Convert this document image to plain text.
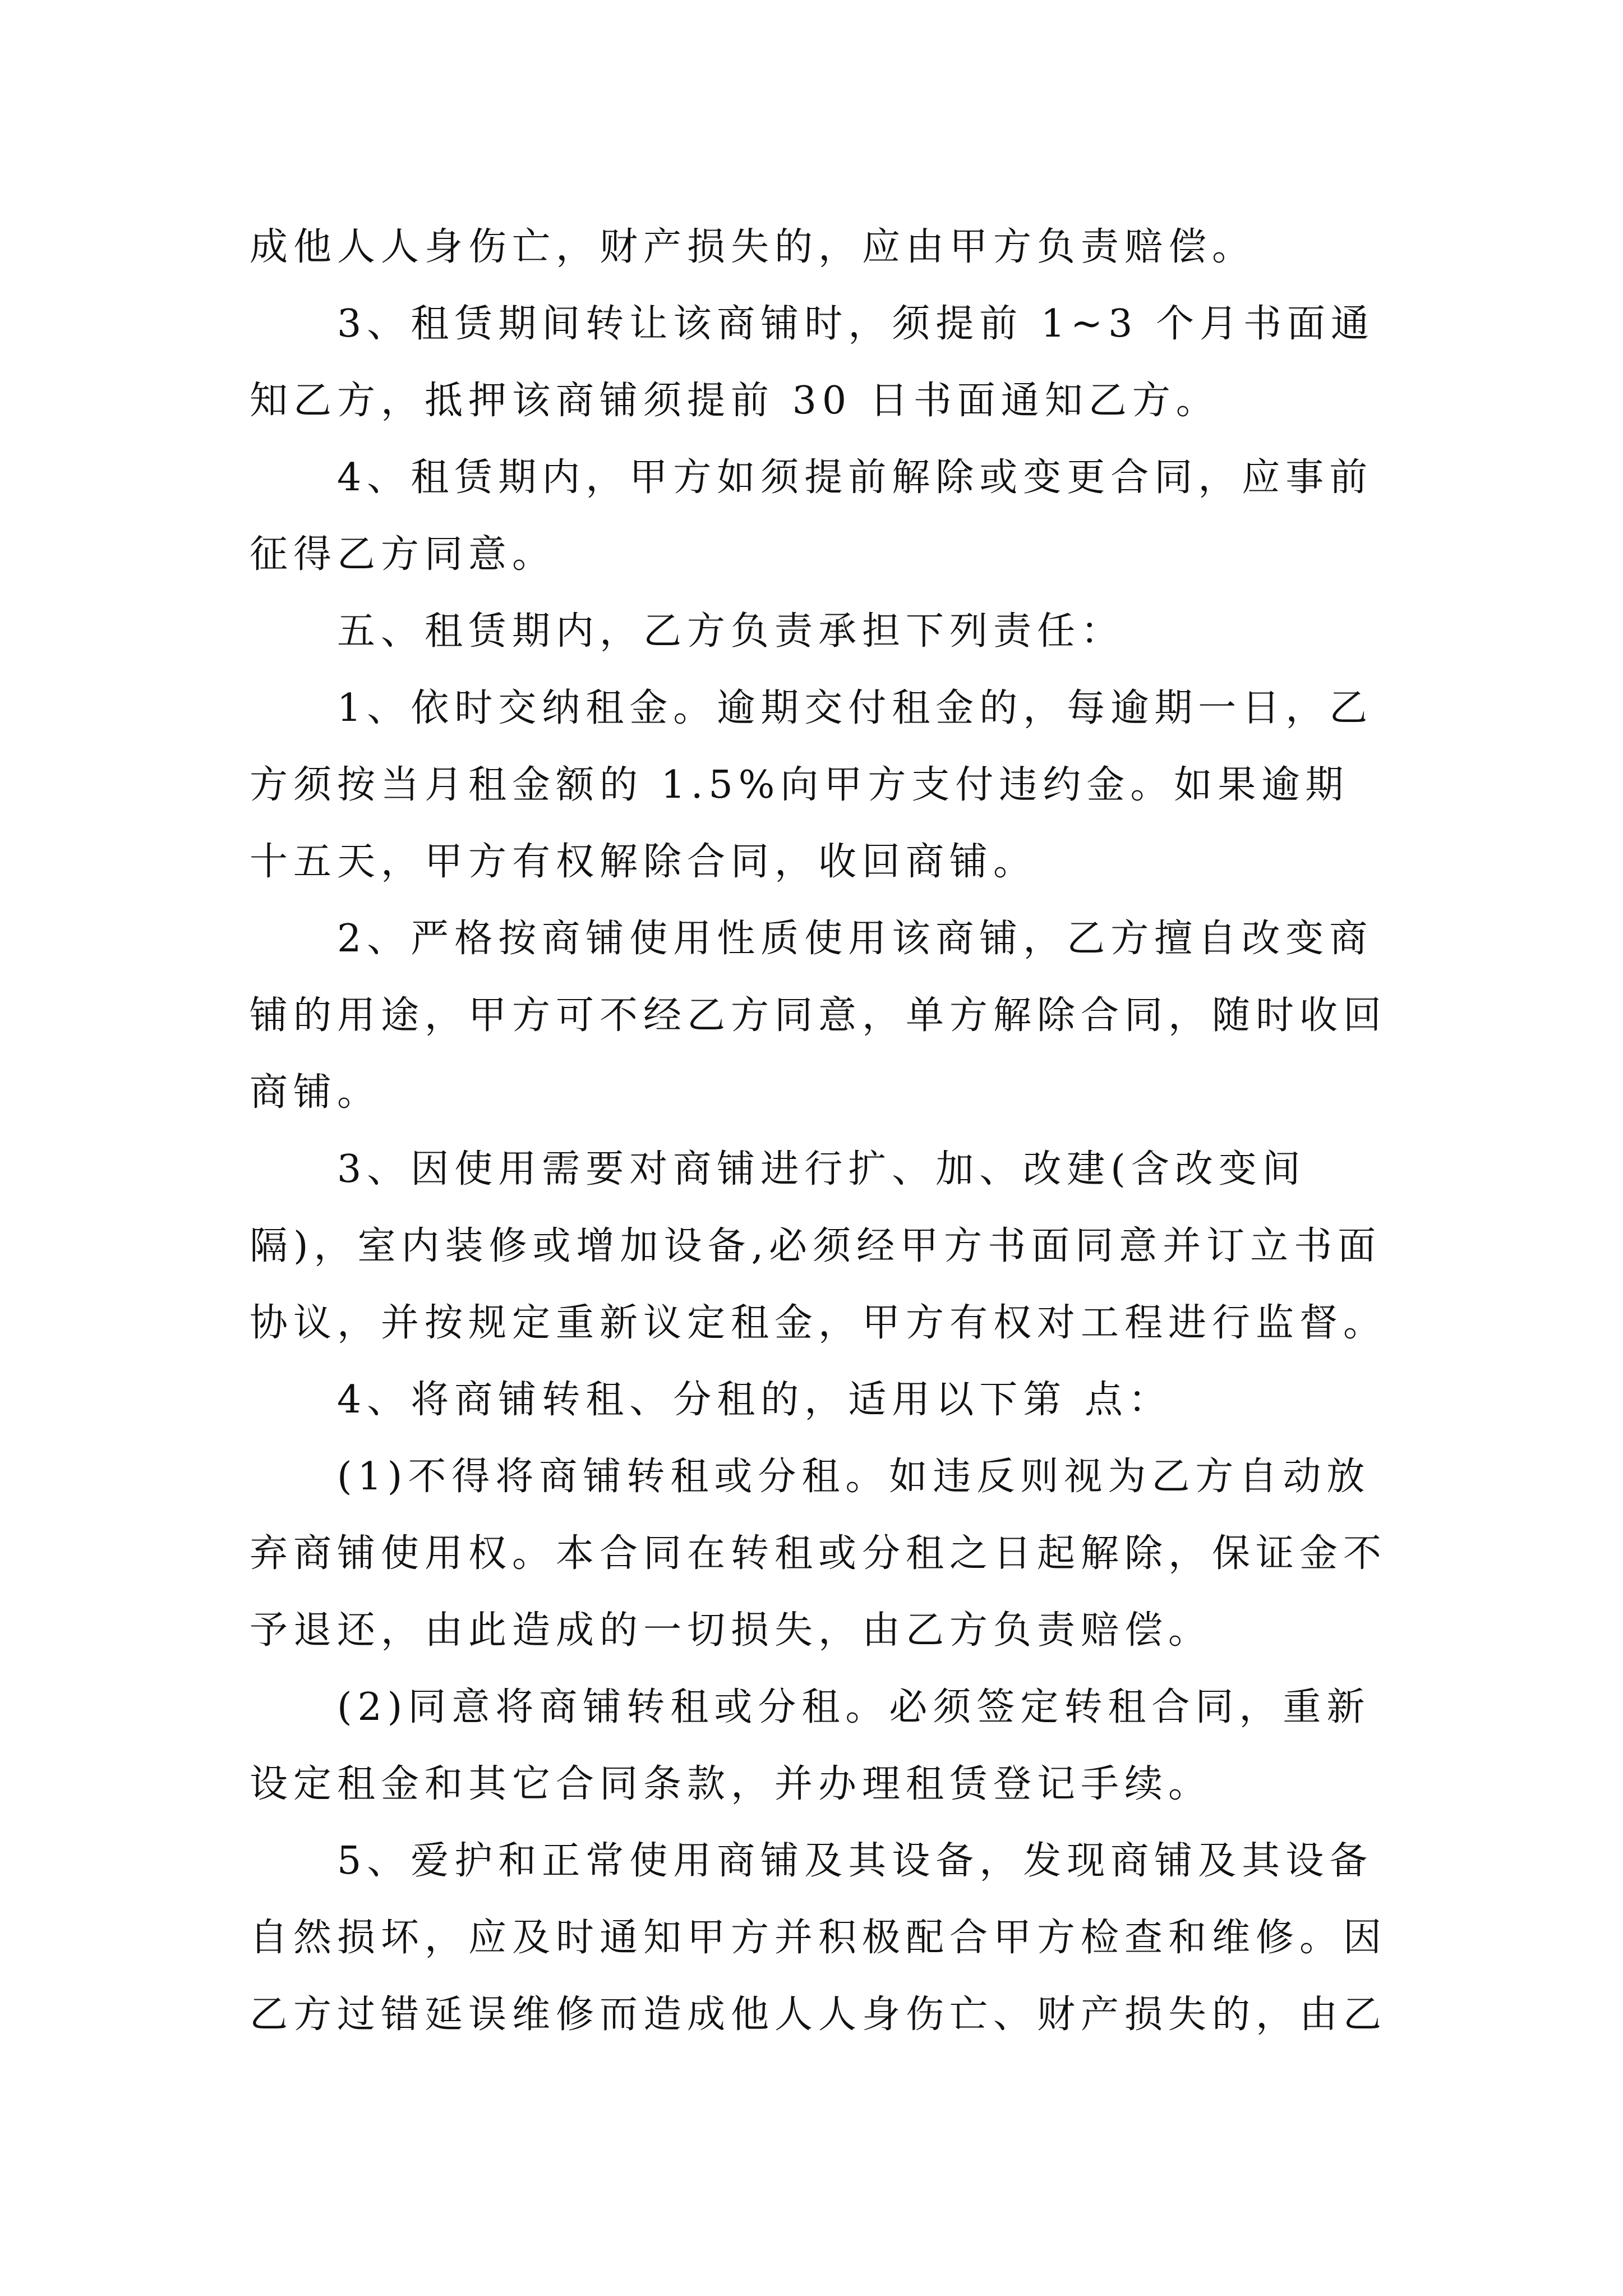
成他人人身伤亡，财产损失的，应由甲方负责赔偿。

3、租赁期间转让该商铺时，须提前 1~3 个月书面通知乙方，抵押该商铺须提前 30 日书面通知乙方。

4、租赁期内，甲方如须提前解除或变更合同，应事前征得乙方同意。

五、租赁期内，乙方负责承担下列责任：

1、依时交纳租金。逾期交付租金的，每逾期一日，乙方须按当月租金额的 1.5%向甲方支付违约金。如果逾期十五天，甲方有权解除合同，收回商铺。

2、严格按商铺使用性质使用该商铺，乙方擅自改变商铺的用途，甲方可不经乙方同意，单方解除合同，随时收回商铺。

3、因使用需要对商铺进行扩、加、改建(含改变间隔)，室内装修或增加设备,必须经甲方书面同意并订立书面协议，并按规定重新议定租金，甲方有权对工程进行监督。

4、将商铺转租、分租的，适用以下第 点：

(1)不得将商铺转租或分租。如违反则视为乙方自动放弃商铺使用权。本合同在转租或分租之日起解除，保证金不予退还，由此造成的一切损失，由乙方负责赔偿。

(2)同意将商铺转租或分租。必须签定转租合同，重新设定租金和其它合同条款，并办理租赁登记手续。

5、爱护和正常使用商铺及其设备，发现商铺及其设备自然损坏，应及时通知甲方并积极配合甲方检查和维修。因乙方过错延误维修而造成他人人身伤亡、财产损失的，由乙
